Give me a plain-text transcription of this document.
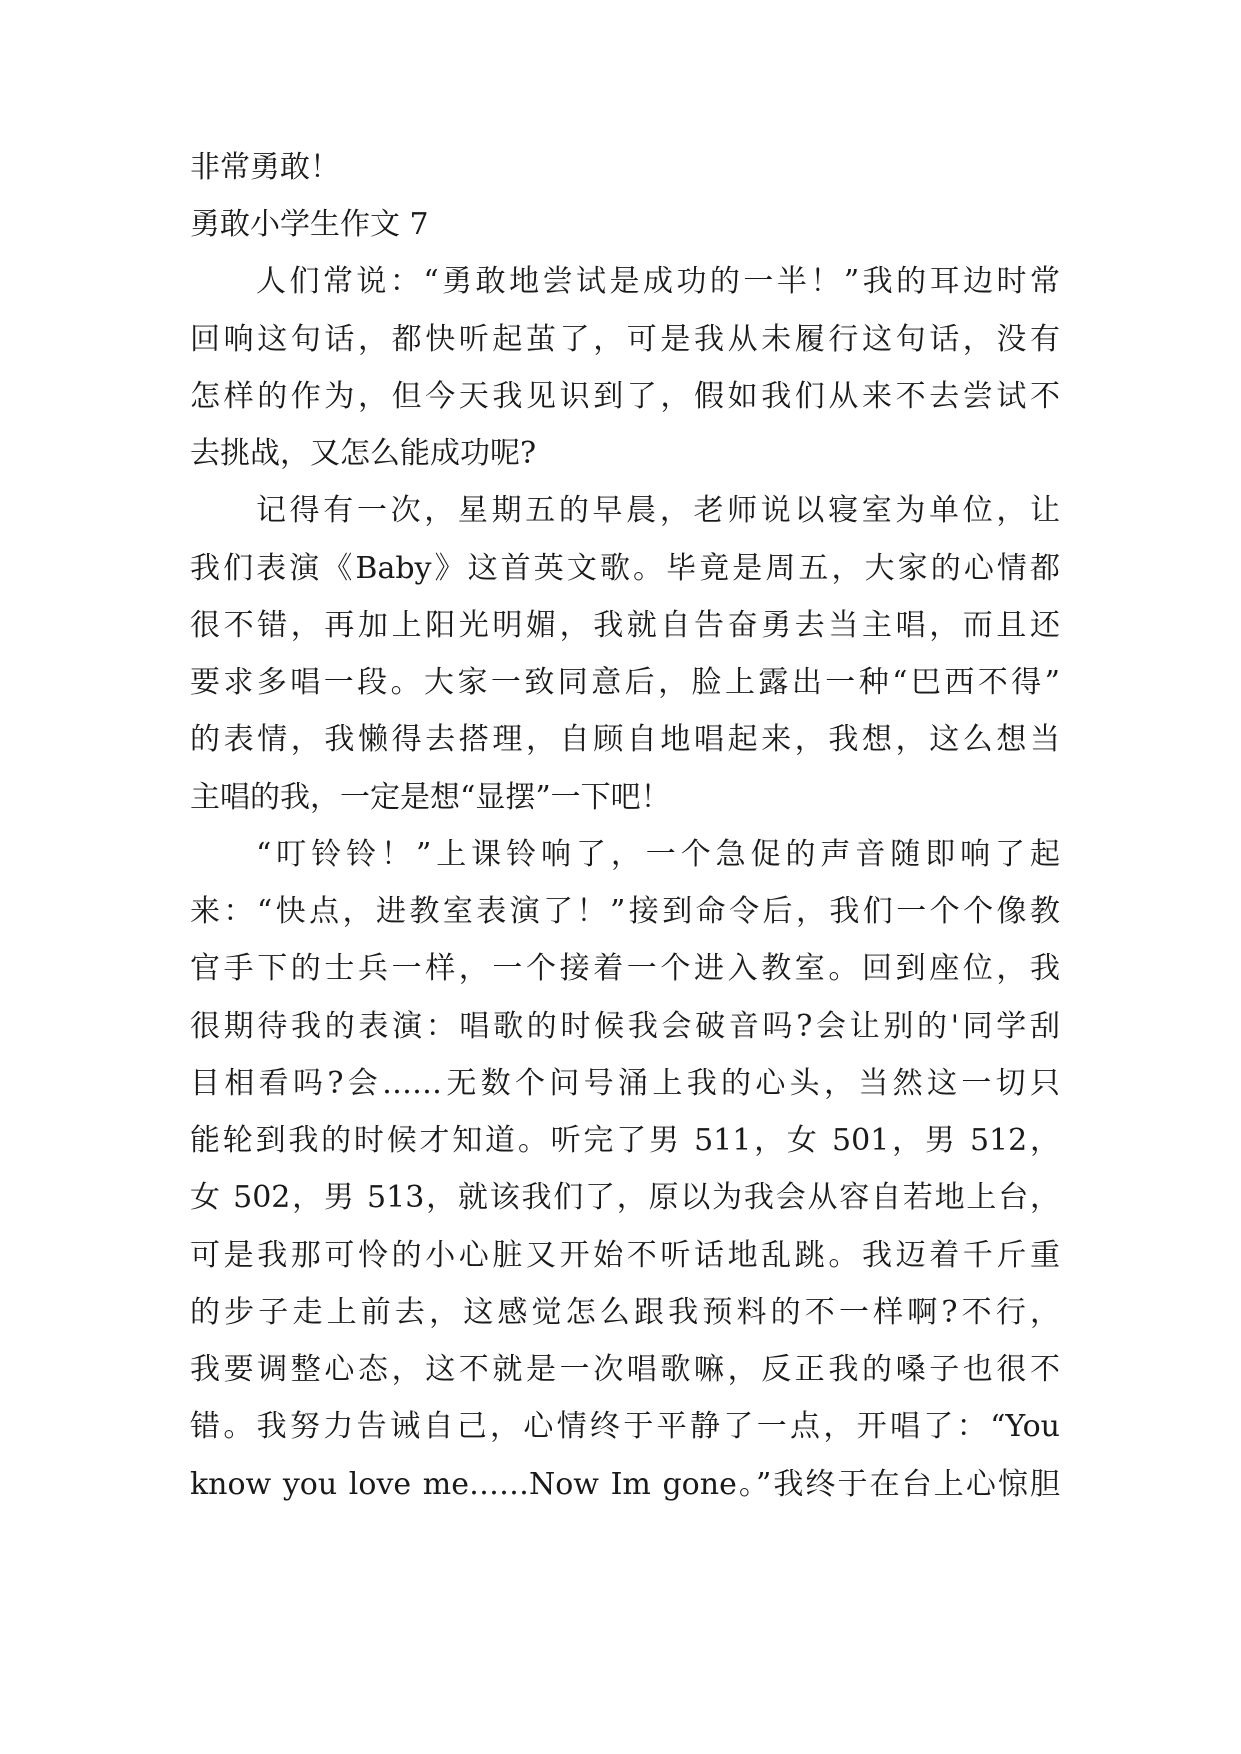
非常勇敢！
勇敢小学生作文 7
人们常说：“勇敢地尝试是成功的一半！”我的耳边时常
回响这句话，都快听起茧了，可是我从未履行这句话，没有
怎样的作为，但今天我见识到了，假如我们从来不去尝试不
去挑战，又怎么能成功呢?
记得有一次，星期五的早晨，老师说以寝室为单位，让
我们表演《Baby》这首英文歌。毕竟是周五，大家的心情都
很不错，再加上阳光明媚，我就自告奋勇去当主唱，而且还
要求多唱一段。大家一致同意后，脸上露出一种“巴西不得”
的表情，我懒得去搭理，自顾自地唱起来，我想，这么想当
主唱的我，一定是想“显摆”一下吧！
“叮铃铃！”上课铃响了，一个急促的声音随即响了起
来：“快点，进教室表演了！”接到命令后，我们一个个像教
官手下的士兵一样，一个接着一个进入教室。回到座位，我
很期待我的表演：唱歌的时候我会破音吗?会让别的'同学刮
目相看吗?会……无数个问号涌上我的心头，当然这一切只
能轮到我的时候才知道。听完了男 511，女 501，男 512，
女 502，男 513，就该我们了，原以为我会从容自若地上台，
可是我那可怜的小心脏又开始不听话地乱跳。我迈着千斤重
的步子走上前去，这感觉怎么跟我预料的不一样啊?不行，
我要调整心态，这不就是一次唱歌嘛，反正我的嗓子也很不
错。我努力告诫自己，心情终于平静了一点，开唱了：“You
know you love me……Now Im gone。”我终于在台上心惊胆
